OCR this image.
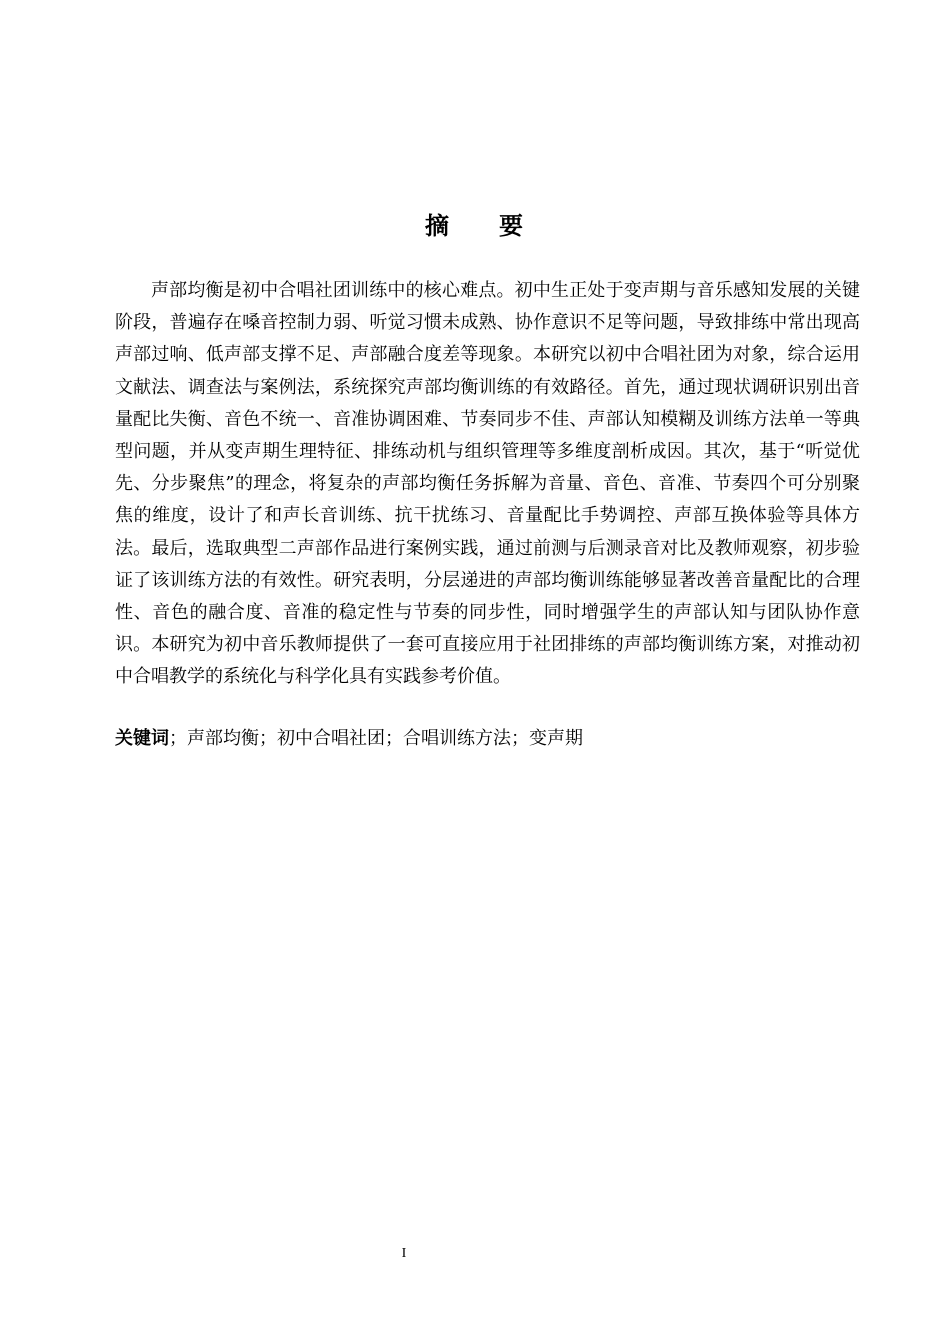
摘 要

声部均衡是初中合唱社团训练中的核心难点。初中生正处于变声期与音乐感知发展的关键阶段，普遍存在嗓音控制力弱、听觉习惯未成熟、协作意识不足等问题，导致排练中常出现高声部过响、低声部支撑不足、声部融合度差等现象。本研究以初中合唱社团为对象，综合运用文献法、调查法与案例法，系统探究声部均衡训练的有效路径。首先，通过现状调研识别出音量配比失衡、音色不统一、音准协调困难、节奏同步不佳、声部认知模糊及训练方法单一等典型问题，并从变声期生理特征、排练动机与组织管理等多维度剖析成因。其次，基于“听觉优先、分步聚焦”的理念，将复杂的声部均衡任务拆解为音量、音色、音准、节奏四个可分别聚焦的维度，设计了和声长音训练、抗干扰练习、音量配比手势调控、声部互换体验等具体方法。最后，选取典型二声部作品进行案例实践，通过前测与后测录音对比及教师观察，初步验证了该训练方法的有效性。研究表明，分层递进的声部均衡训练能够显著改善音量配比的合理性、音色的融合度、音准的稳定性与节奏的同步性，同时增强学生的声部认知与团队协作意识。本研究为初中音乐教师提供了一套可直接应用于社团排练的声部均衡训练方案，对推动初中合唱教学的系统化与科学化具有实践参考价值。

关键词；声部均衡；初中合唱社团；合唱训练方法；变声期
I
